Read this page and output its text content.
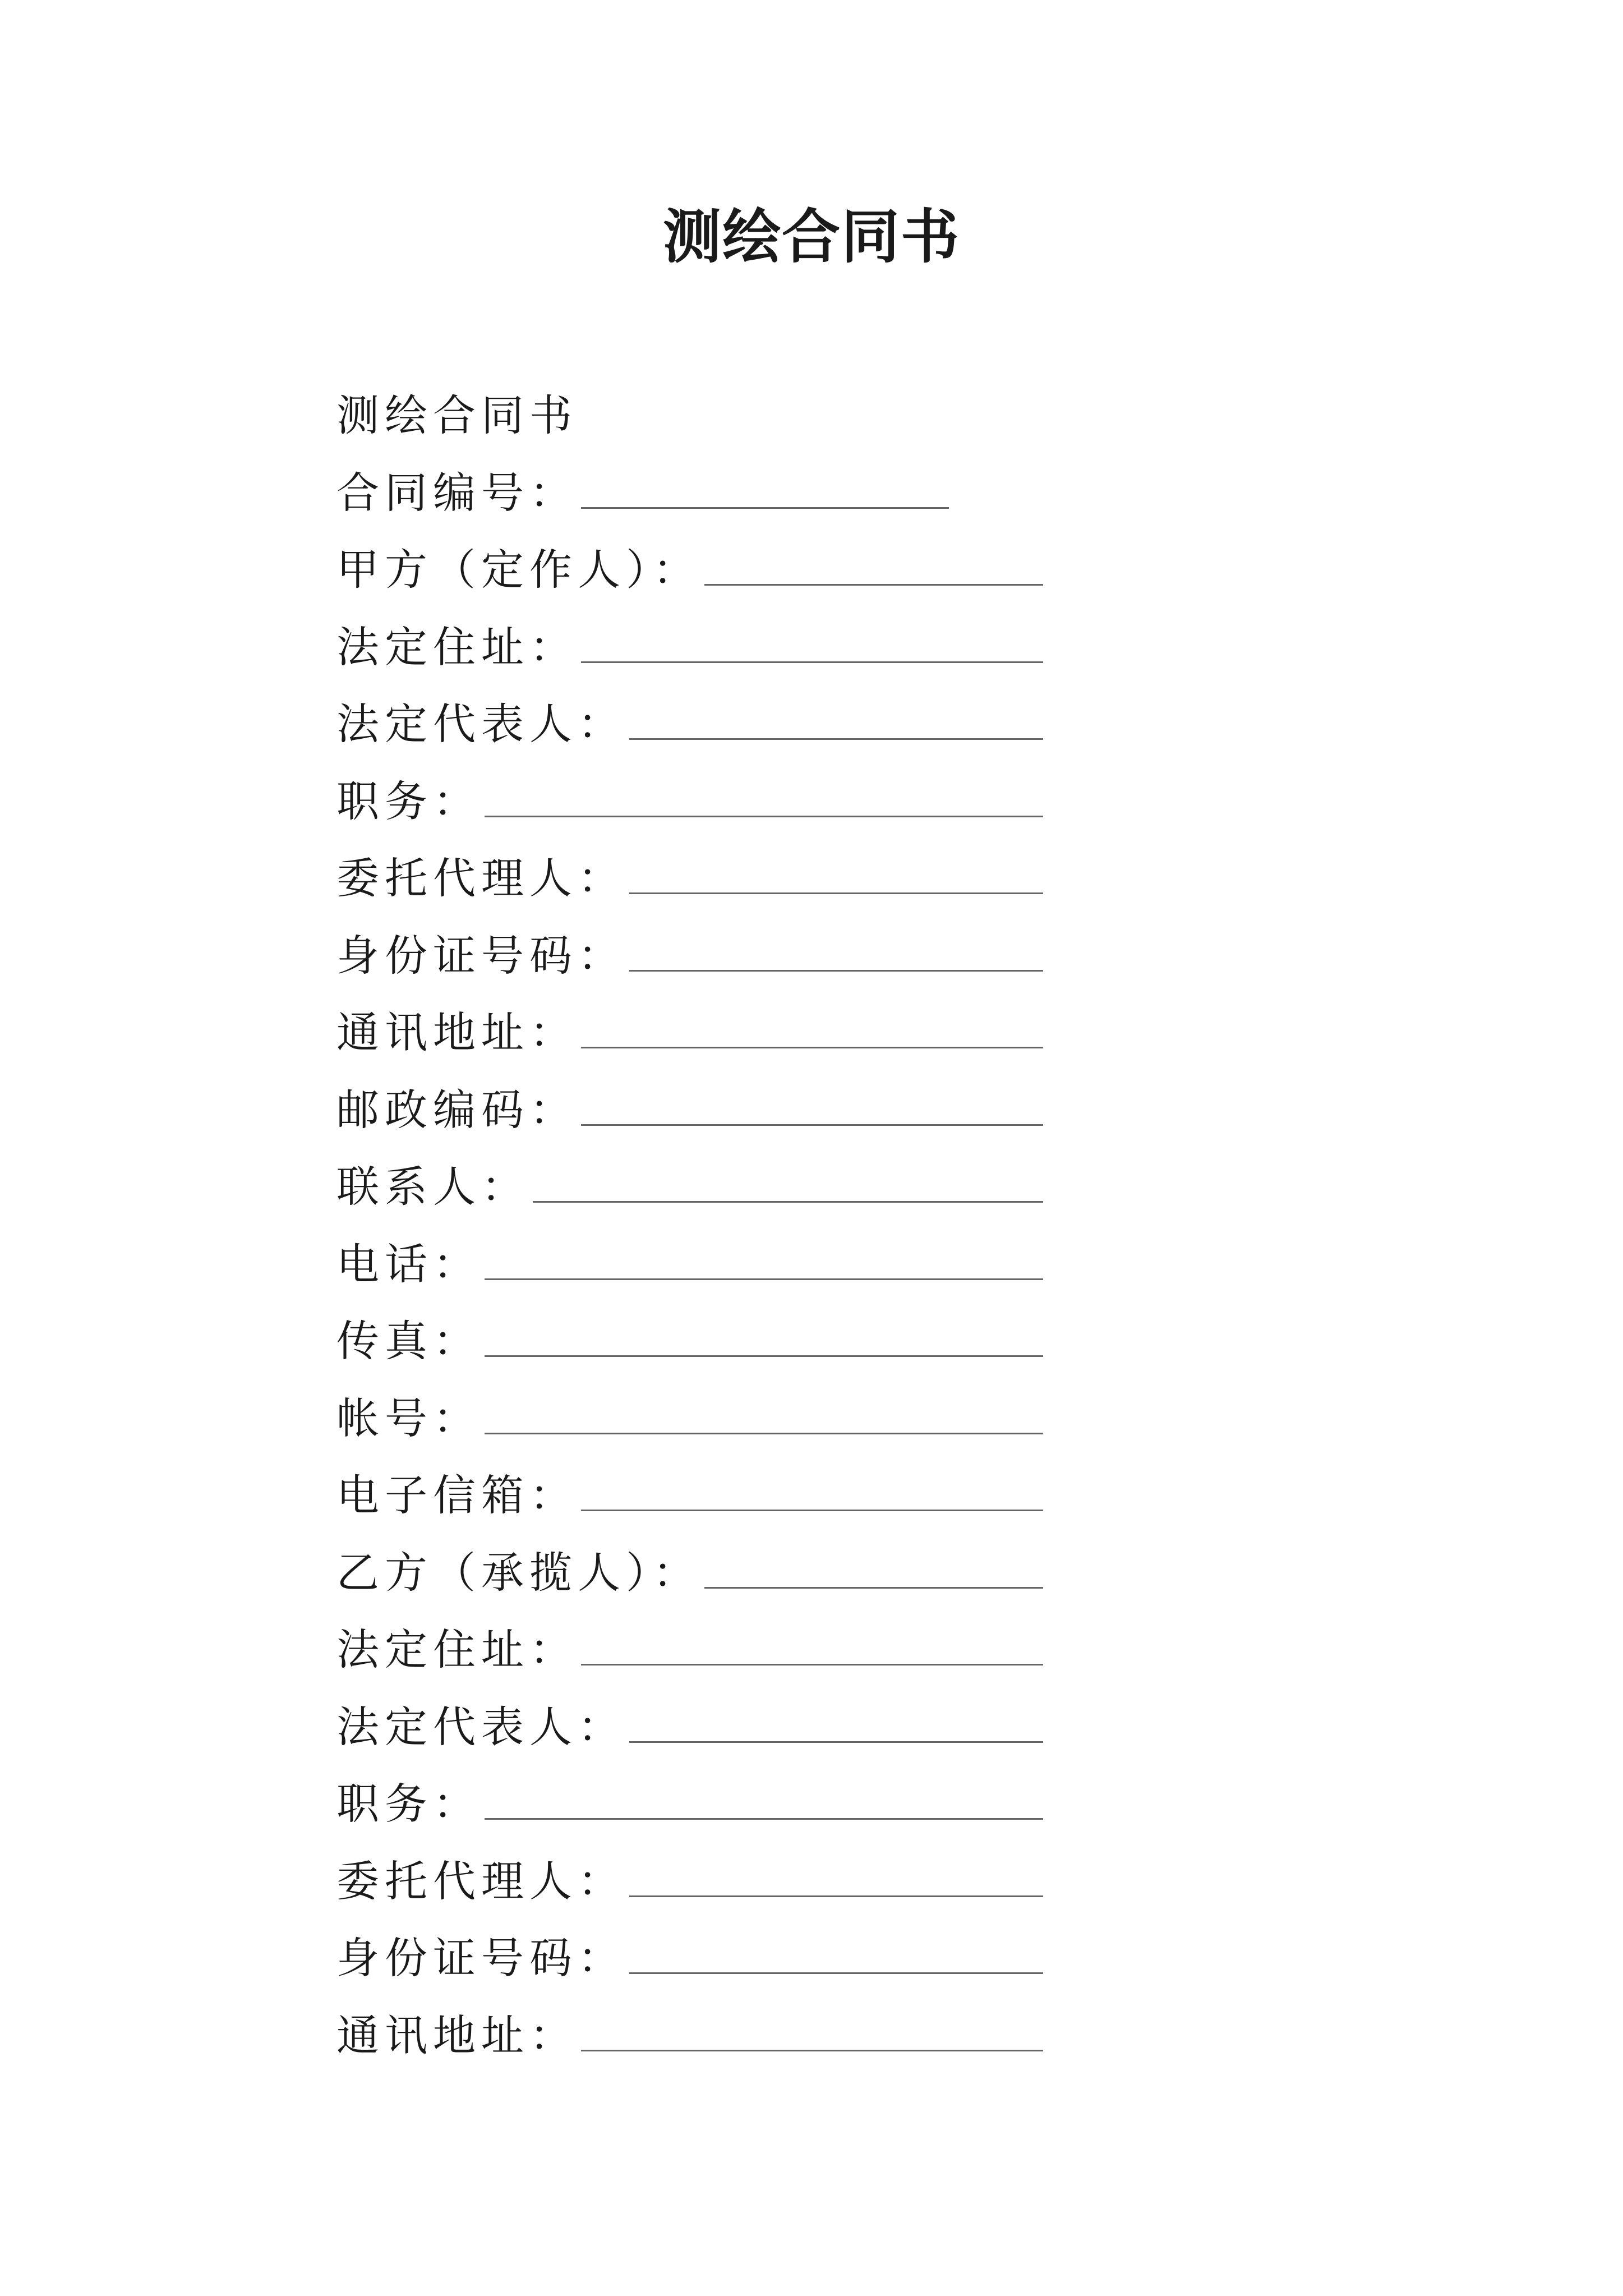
测绘合同书
测绘合同书
合同编号：
甲方（定作人）：
法定住址：
法定代表人：
职务：
委托代理人：
身份证号码：
通讯地址：
邮政编码：
联系人：
电话：
传真：
帐号：
电子信箱：
乙方（承揽人）：
法定住址：
法定代表人：
职务：
委托代理人：
身份证号码：
通讯地址：
